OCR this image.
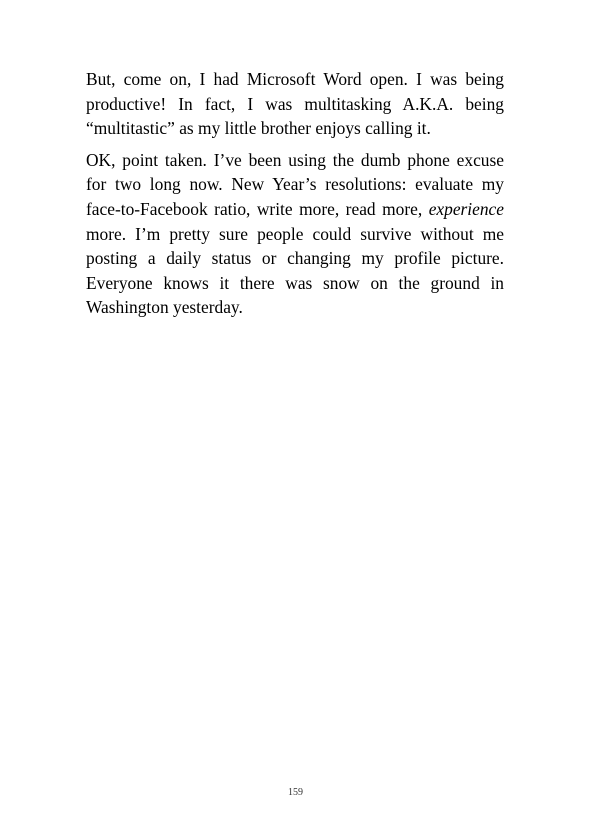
But, come on, I had Microsoft Word open. I was being productive! In fact, I was multitasking A.K.A. being “multitastic” as my little brother enjoys calling it.

OK, point taken. I’ve been using the dumb phone excuse for two long now. New Year’s resolutions: evaluate my face-to-Facebook ratio, write more, read more, experience more. I’m pretty sure people could survive without me posting a daily status or changing my profile picture. Everyone knows it there was snow on the ground in Washington yesterday.

159
